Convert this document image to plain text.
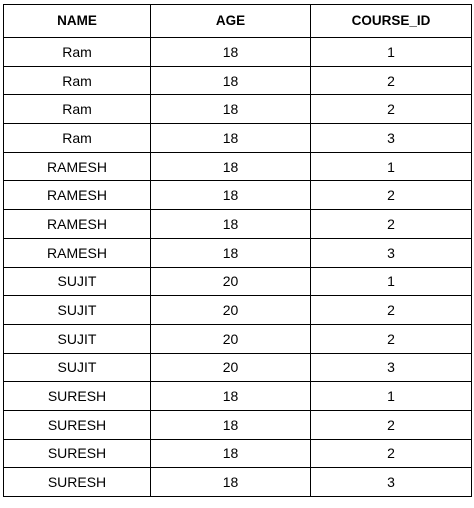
NAME	AGE	COURSE_ID
Ram	18	1
Ram	18	2
Ram	18	2
Ram	18	3
RAMESH	18	1
RAMESH	18	2
RAMESH	18	2
RAMESH	18	3
SUJIT	20	1
SUJIT	20	2
SUJIT	20	2
SUJIT	20	3
SURESH	18	1
SURESH	18	2
SURESH	18	2
SURESH	18	3
